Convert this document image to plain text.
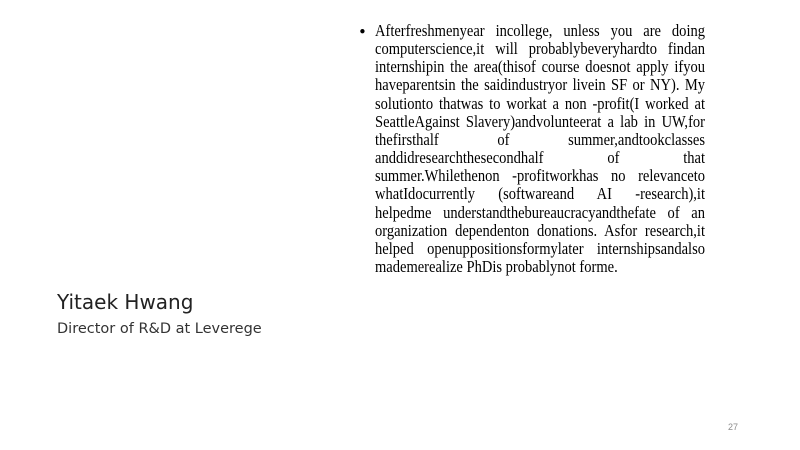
Yitaek Hwang
Director of R&D at Leverege
• Afterfreshmenyear incollege, unless you are doing computerscience,it will probablybeveryhardto findan internshipin the area(thisof course doesnot apply ifyou haveparentsin the saidindustryor livein SF or NY). My solutionto thatwas to workat a non -profit(I worked at SeattleAgainst Slavery)andvolunteerat a lab in UW,for thefirsthalf of summer,andtookclasses anddidresearchthesecondhalf of that summer.Whilethenon -profitworkhas no relevanceto whatIdocurrently (softwareand AI -research),it helpedme understandthebureaucracyandthefate of an organization dependenton donations. Asfor research,it helped openuppositionsformylater internshipsandalso mademerealize PhDis probablynot forme.
27
